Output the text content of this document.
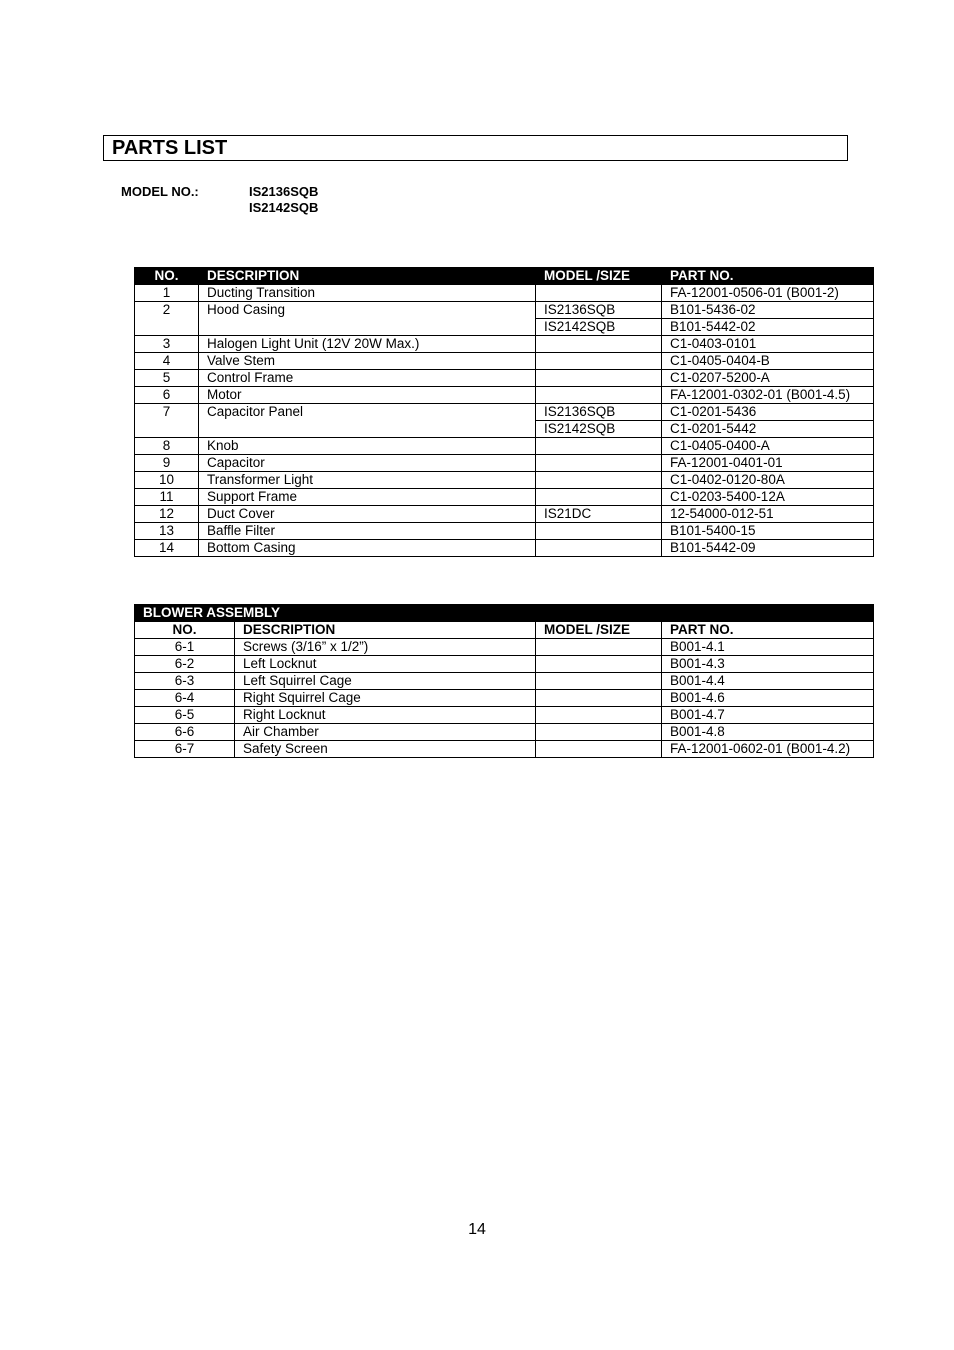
PARTS LIST
MODEL NO.:	IS2136SQB
IS2142SQB
NO.	DESCRIPTION	MODEL /SIZE	PART NO.
1	Ducting Transition		FA-12001-0506-01 (B001-2)
2	Hood Casing	IS2136SQB	B101-5436-02
		IS2142SQB	B101-5442-02
3	Halogen Light Unit (12V 20W Max.)		C1-0403-0101
4	Valve Stem		C1-0405-0404-B
5	Control Frame		C1-0207-5200-A
6	Motor		FA-12001-0302-01 (B001-4.5)
7	Capacitor Panel	IS2136SQB	C1-0201-5436
		IS2142SQB	C1-0201-5442
8	Knob		C1-0405-0400-A
9	Capacitor		FA-12001-0401-01
10	Transformer Light		C1-0402-0120-80A
11	Support Frame		C1-0203-5400-12A
12	Duct Cover	IS21DC	12-54000-012-51
13	Baffle Filter		B101-5400-15
14	Bottom Casing		B101-5442-09
BLOWER ASSEMBLY			
NO.	DESCRIPTION	MODEL /SIZE	PART NO.
6-1	Screws (3/16” x 1/2”)		B001-4.1
6-2	Left Locknut		B001-4.3
6-3	Left Squirrel Cage		B001-4.4
6-4	Right Squirrel Cage		B001-4.6
6-5	Right Locknut		B001-4.7
6-6	Air Chamber		B001-4.8
6-7	Safety Screen		FA-12001-0602-01 (B001-4.2)
14
